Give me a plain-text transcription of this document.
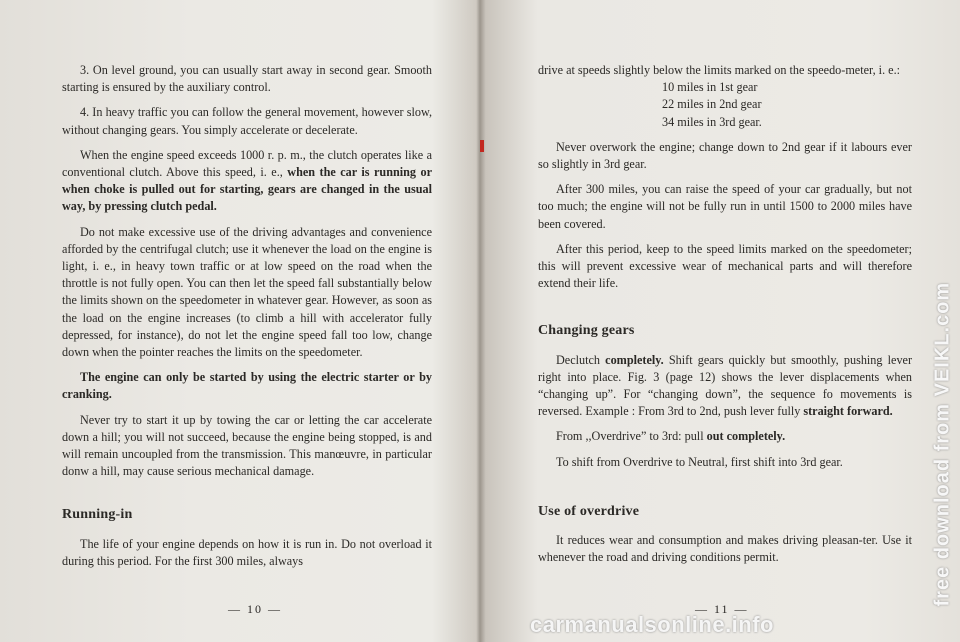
3. On level ground, you can usually start away in second gear. Smooth starting is ensured by the auxiliary control.

4. In heavy traffic you can follow the general movement, however slow, without changing gears. You simply accelerate or decelerate.

When the engine speed exceeds 1000 r. p. m., the clutch operates like a conventional clutch. Above this speed, i. e., when the car is running or when choke is pulled out for starting, gears are changed in the usual way, by pressing clutch pedal.

Do not make excessive use of the driving advantages and convenience afforded by the centrifugal clutch; use it whenever the load on the engine is light, i. e., in heavy town traffic or at low speed on the road when the throttle is not fully open. You can then let the speed fall substantially below the limits shown on the speedometer in whatever gear. However, as soon as the load on the engine increases (to climb a hill with accelerator fully depressed, for instance), do not let the engine speed fall too low, change down when the pointer reaches the limits on the speedometer.

The engine can only be started by using the electric starter or by cranking.

Never try to start it up by towing the car or letting the car accelerate down a hill; you will not succeed, because the engine being stopped, is and will remain uncoupled from the transmission. This manœuvre, in particular donw a hill, may cause serious mechanical damage.

Running-in

The life of your engine depends on how it is run in. Do not overload it during this period. For the first 300 miles, always

— 10 —

drive at speeds slightly below the limits marked on the speedo-meter, i. e.:

10 miles in 1st gear
22 miles in 2nd gear
34 miles in 3rd gear.

Never overwork the engine; change down to 2nd gear if it labours ever so slightly in 3rd gear.

After 300 miles, you can raise the speed of your car gradually, but not too much; the engine will not be fully run in until 1500 to 2000 miles have been covered.

After this period, keep to the speed limits marked on the speedometer; this will prevent excessive wear of mechanical parts and will therefore extend their life.

Changing gears

Declutch completely. Shift gears quickly but smoothly, pushing lever right into place. Fig. 3 (page 12) shows the lever displacements when “changing up”. For “changing down”, the sequence fo movements is reversed. Example : From 3rd to 2nd, push lever fully straight forward.

From ,,Overdrive” to 3rd: pull out completely.

To shift from Overdrive to Neutral, first shift into 3rd gear.

Use of overdrive

It reduces wear and consumption and makes driving pleasan-ter. Use it whenever the road and driving conditions permit.

— 11 —
free download from VEIKL.com
carmanualsonline.info
